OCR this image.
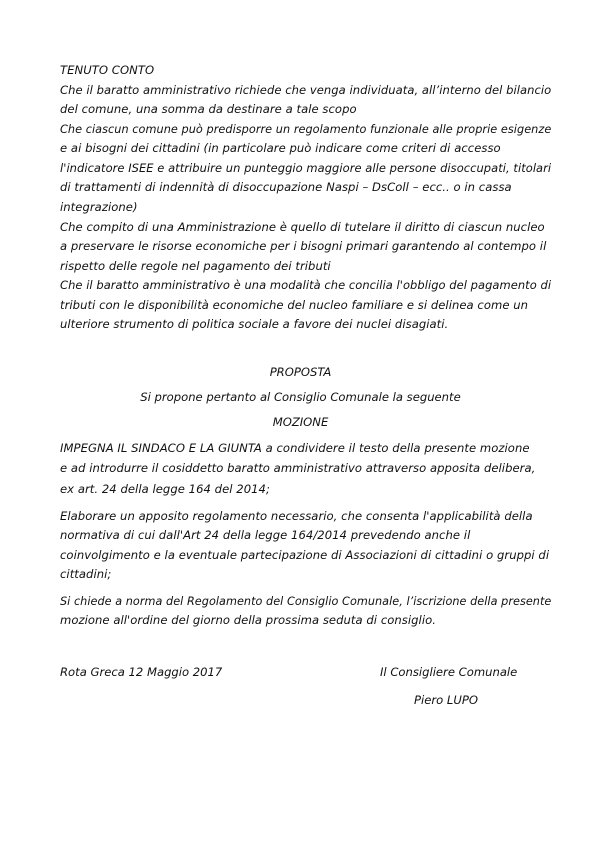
TENUTO CONTO
Che il baratto amministrativo richiede che venga individuata, all’interno del bilancio
del comune, una somma da destinare a tale scopo
Che ciascun comune può predisporre un regolamento funzionale alle proprie esigenze
e ai bisogni dei cittadini (in particolare può indicare come criteri di accesso
l'indicatore ISEE e attribuire un punteggio maggiore alle persone disoccupati, titolari
di trattamenti di indennità di disoccupazione Naspi – DsColl – ecc.. o in cassa
integrazione)
Che compito di una Amministrazione è quello di tutelare il diritto di ciascun nucleo
a preservare le risorse economiche per i bisogni primari garantendo al contempo il
rispetto delle regole nel pagamento dei tributi
Che il baratto amministrativo è una modalità che concilia l'obbligo del pagamento di
tributi con le disponibilità economiche del nucleo familiare e si delinea come un
ulteriore strumento di politica sociale a favore dei nuclei disagiati.
PROPOSTA
Si propone pertanto al Consiglio Comunale la seguente
MOZIONE
IMPEGNA IL SINDACO E LA GIUNTA a condividere il testo della presente mozione
e ad introdurre il cosiddetto baratto amministrativo attraverso apposita delibera,
ex art. 24 della legge 164 del 2014;
Elaborare un apposito regolamento necessario, che consenta l'applicabilità della
normativa di cui dall'Art 24 della legge 164/2014 prevedendo anche il
coinvolgimento e la eventuale partecipazione di Associazioni di cittadini o gruppi di
cittadini;
Si chiede a norma del Regolamento del Consiglio Comunale, l’iscrizione della presente
mozione all'ordine del giorno della prossima seduta di consiglio.
Rota Greca 12 Maggio 2017	Il Consigliere Comunale
Piero LUPO
